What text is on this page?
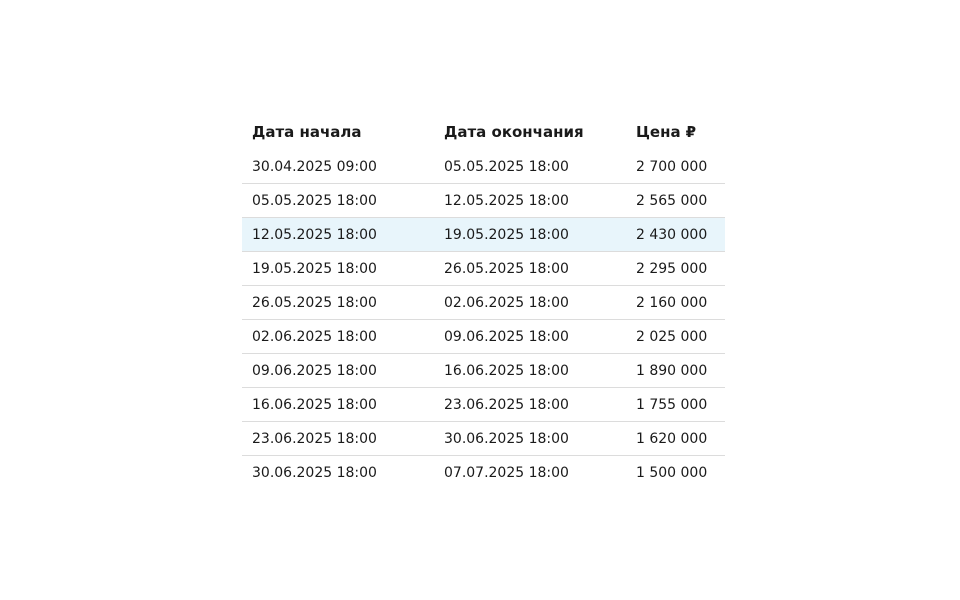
Дата начала	Дата окончания	Цена ₽
30.04.2025 09:00	05.05.2025 18:00	2 700 000
05.05.2025 18:00	12.05.2025 18:00	2 565 000
12.05.2025 18:00	19.05.2025 18:00	2 430 000
19.05.2025 18:00	26.05.2025 18:00	2 295 000
26.05.2025 18:00	02.06.2025 18:00	2 160 000
02.06.2025 18:00	09.06.2025 18:00	2 025 000
09.06.2025 18:00	16.06.2025 18:00	1 890 000
16.06.2025 18:00	23.06.2025 18:00	1 755 000
23.06.2025 18:00	30.06.2025 18:00	1 620 000
30.06.2025 18:00	07.07.2025 18:00	1 500 000
